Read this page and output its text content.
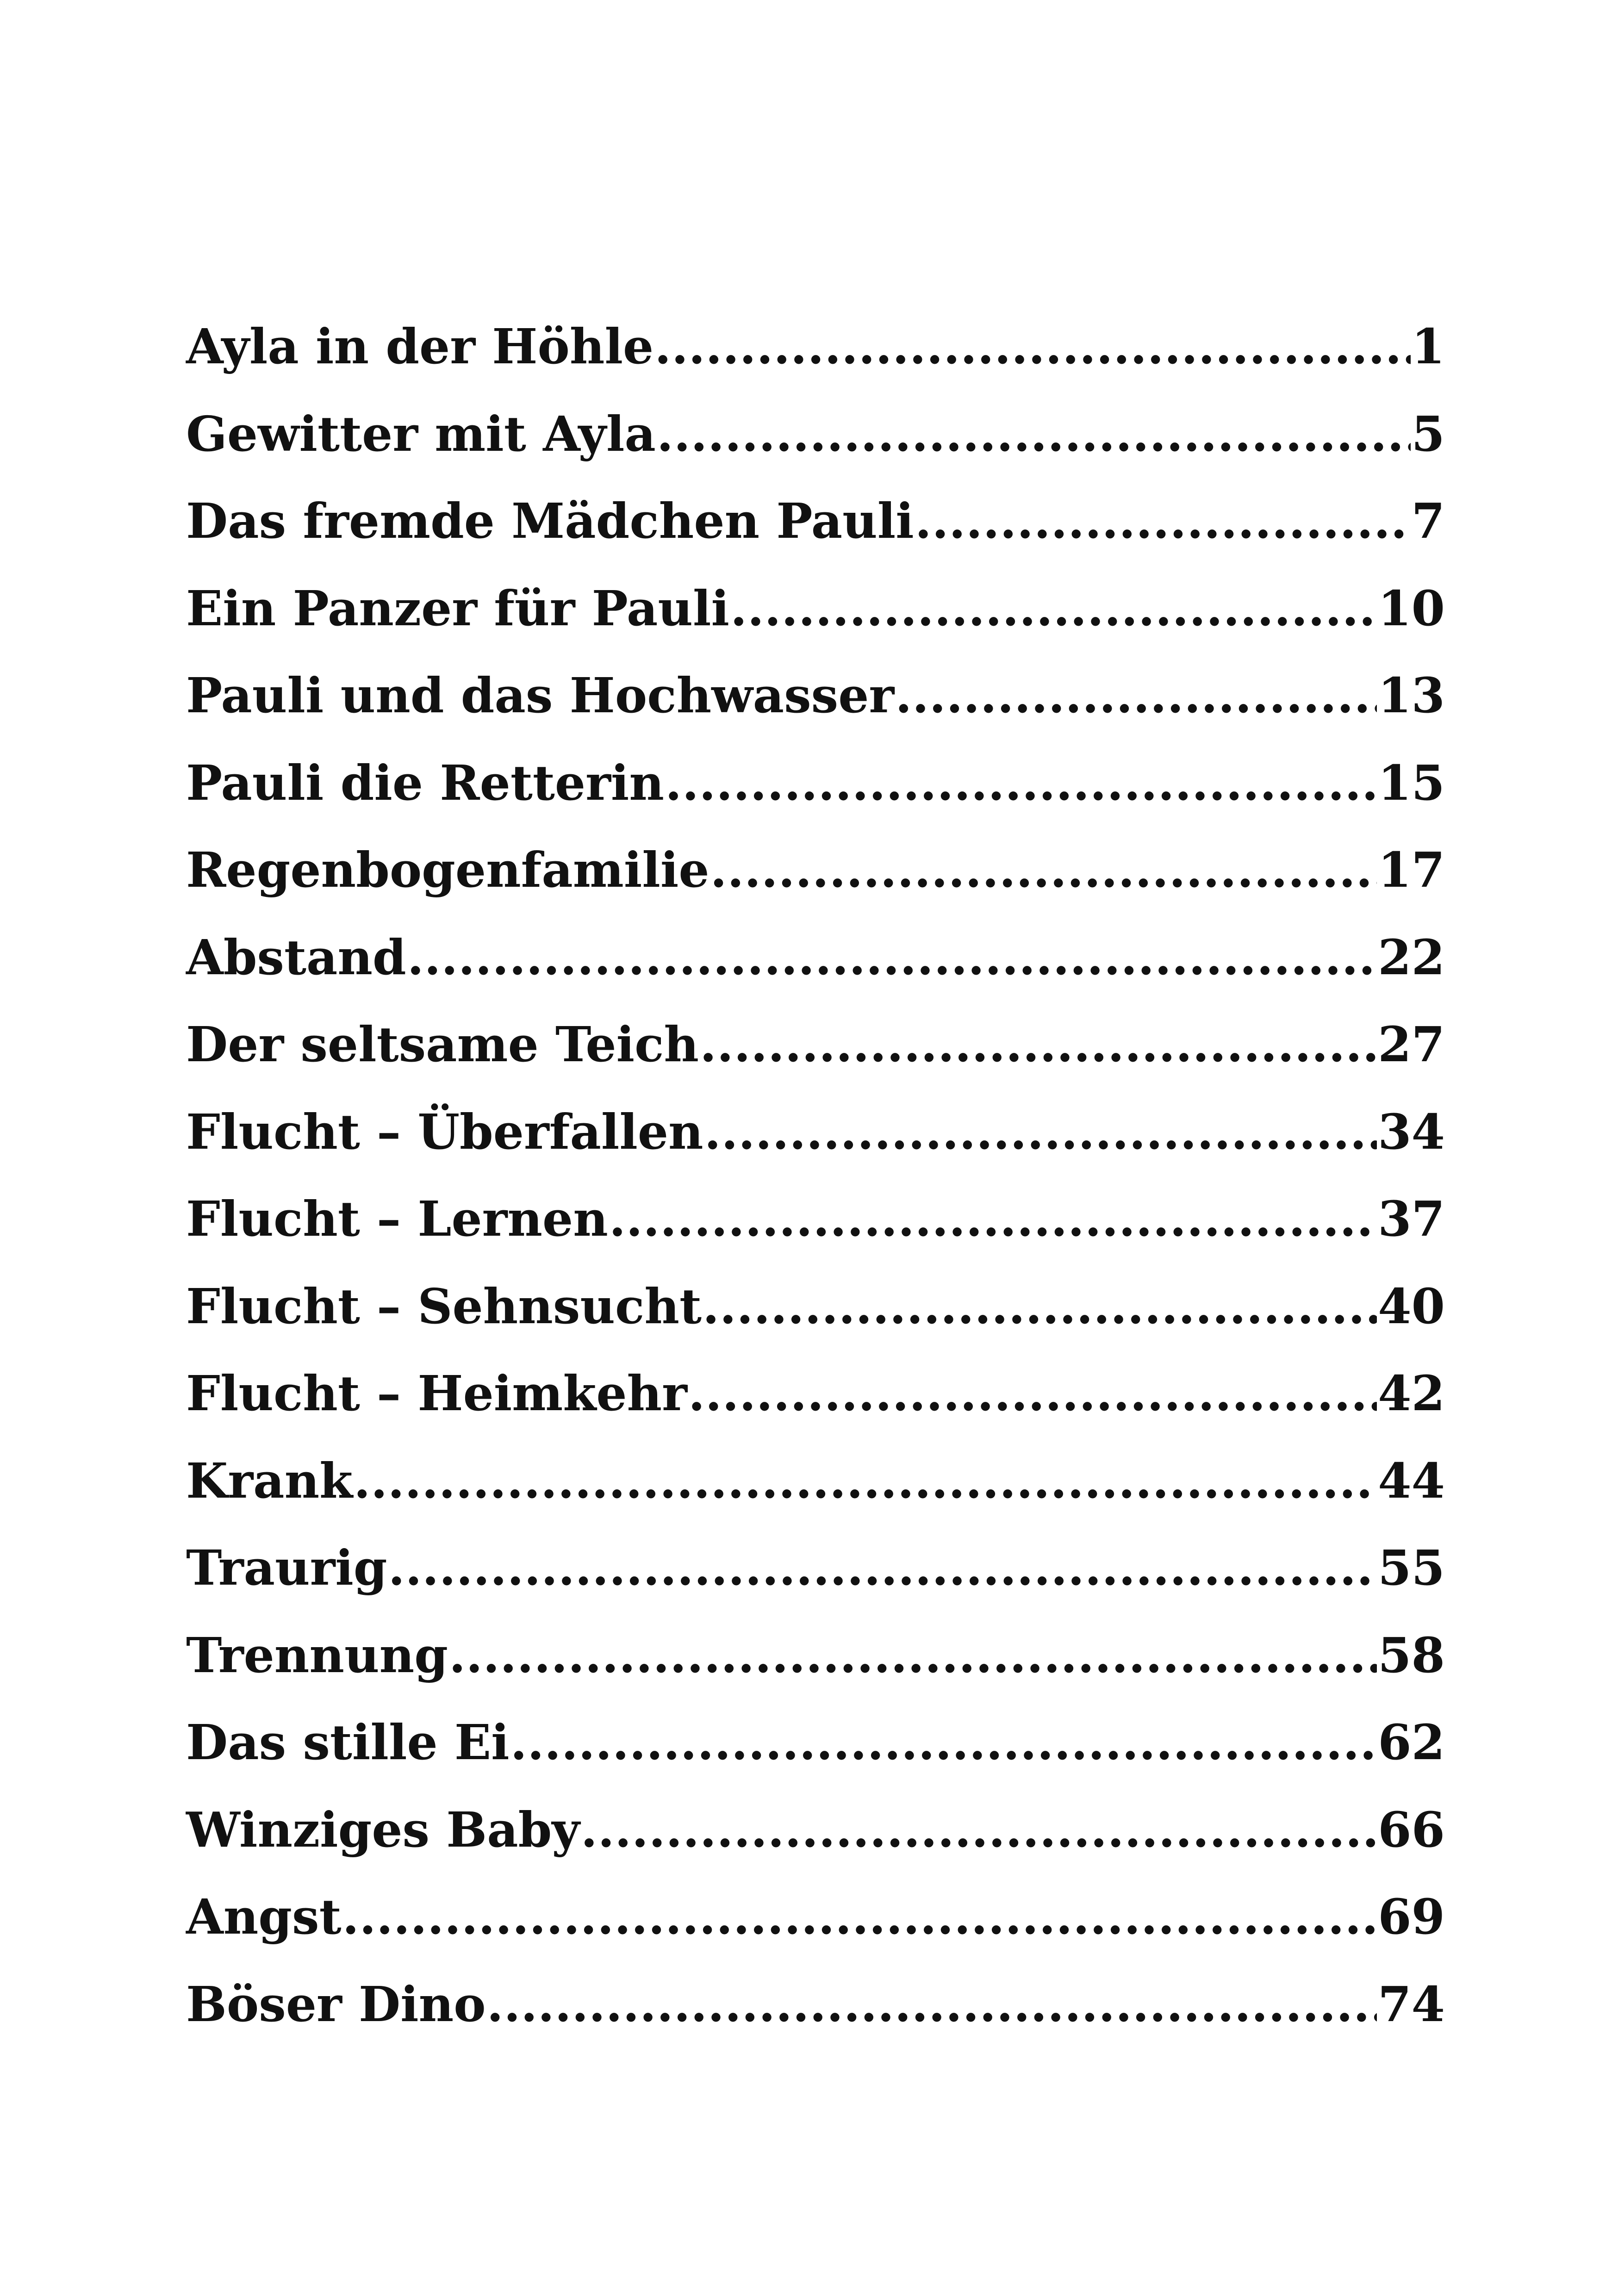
Ayla in der Höhle .....	1
Gewitter mit Ayla .....	5
Das fremde Mädchen Pauli .....	7
Ein Panzer für Pauli .....	10
Pauli und das Hochwasser .....	13
Pauli die Retterin .....	15
Regenbogenfamilie .....	17
Abstand .....	22
Der seltsame Teich .....	27
Flucht – Überfallen .....	34
Flucht – Lernen .....	37
Flucht – Sehnsucht .....	40
Flucht – Heimkehr .....	42
Krank .....	44
Traurig .....	55
Trennung .....	58
Das stille Ei .....	62
Winziges Baby .....	66
Angst .....	69
Böser Dino .....	74
